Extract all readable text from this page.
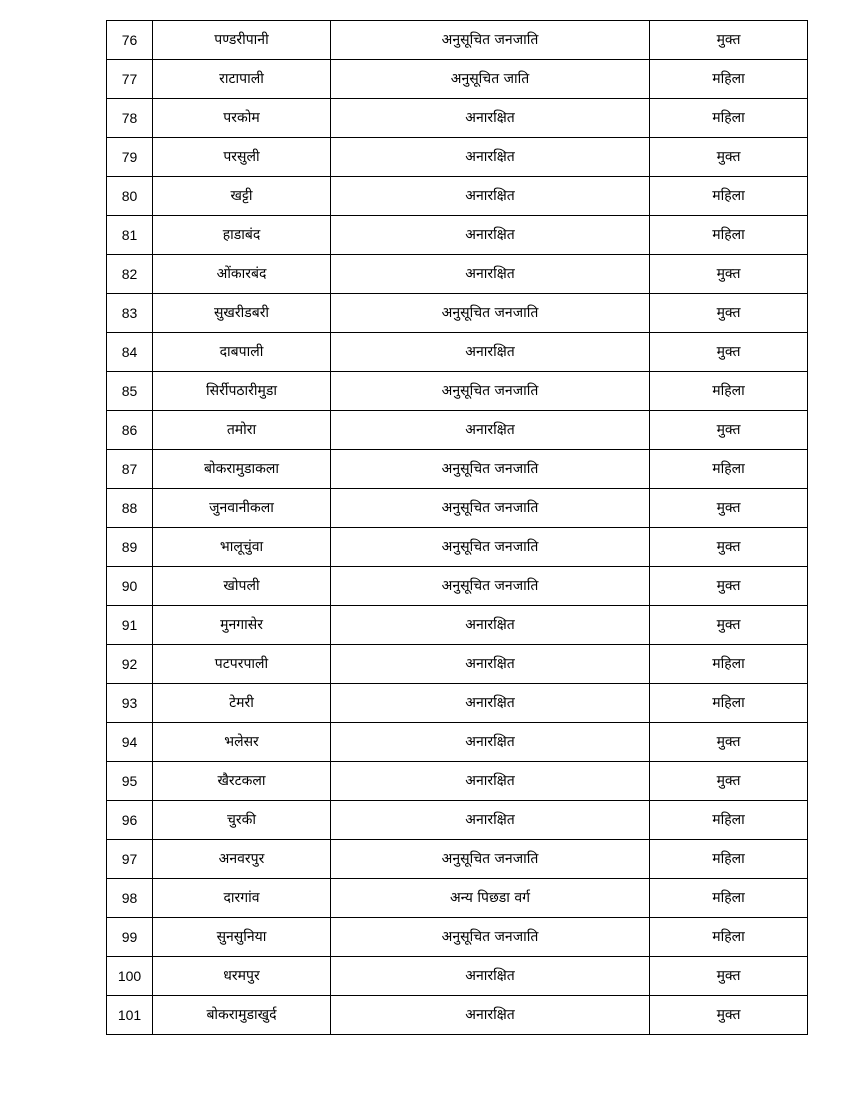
76	पण्डरीपानी	अनुसूचित जनजाति	मुक्त
77	राटापाली	अनुसूचित जाति	महिला
78	परकोम	अनारक्षित	महिला
79	परसुली	अनारक्षित	मुक्त
80	खट्टी	अनारक्षित	महिला
81	हाडाबंद	अनारक्षित	महिला
82	ओंकारबंद	अनारक्षित	मुक्त
83	सुखरीडबरी	अनुसूचित जनजाति	मुक्त
84	दाबपाली	अनारक्षित	मुक्त
85	सिर्रीपठारीमुडा	अनुसूचित जनजाति	महिला
86	तमोरा	अनारक्षित	मुक्त
87	बोकरामुडाकला	अनुसूचित जनजाति	महिला
88	जुनवानीकला	अनुसूचित जनजाति	मुक्त
89	भालूचुंवा	अनुसूचित जनजाति	मुक्त
90	खोपली	अनुसूचित जनजाति	मुक्त
91	मुनगासेर	अनारक्षित	मुक्त
92	पटपरपाली	अनारक्षित	महिला
93	टेमरी	अनारक्षित	महिला
94	भलेसर	अनारक्षित	मुक्त
95	खैरटकला	अनारक्षित	मुक्त
96	चुरकी	अनारक्षित	महिला
97	अनवरपुर	अनुसूचित जनजाति	महिला
98	दारगांव	अन्य पिछडा वर्ग	महिला
99	सुनसुनिया	अनुसूचित जनजाति	महिला
100	धरमपुर	अनारक्षित	मुक्त
101	बोकरामुडाखुर्द	अनारक्षित	मुक्त
